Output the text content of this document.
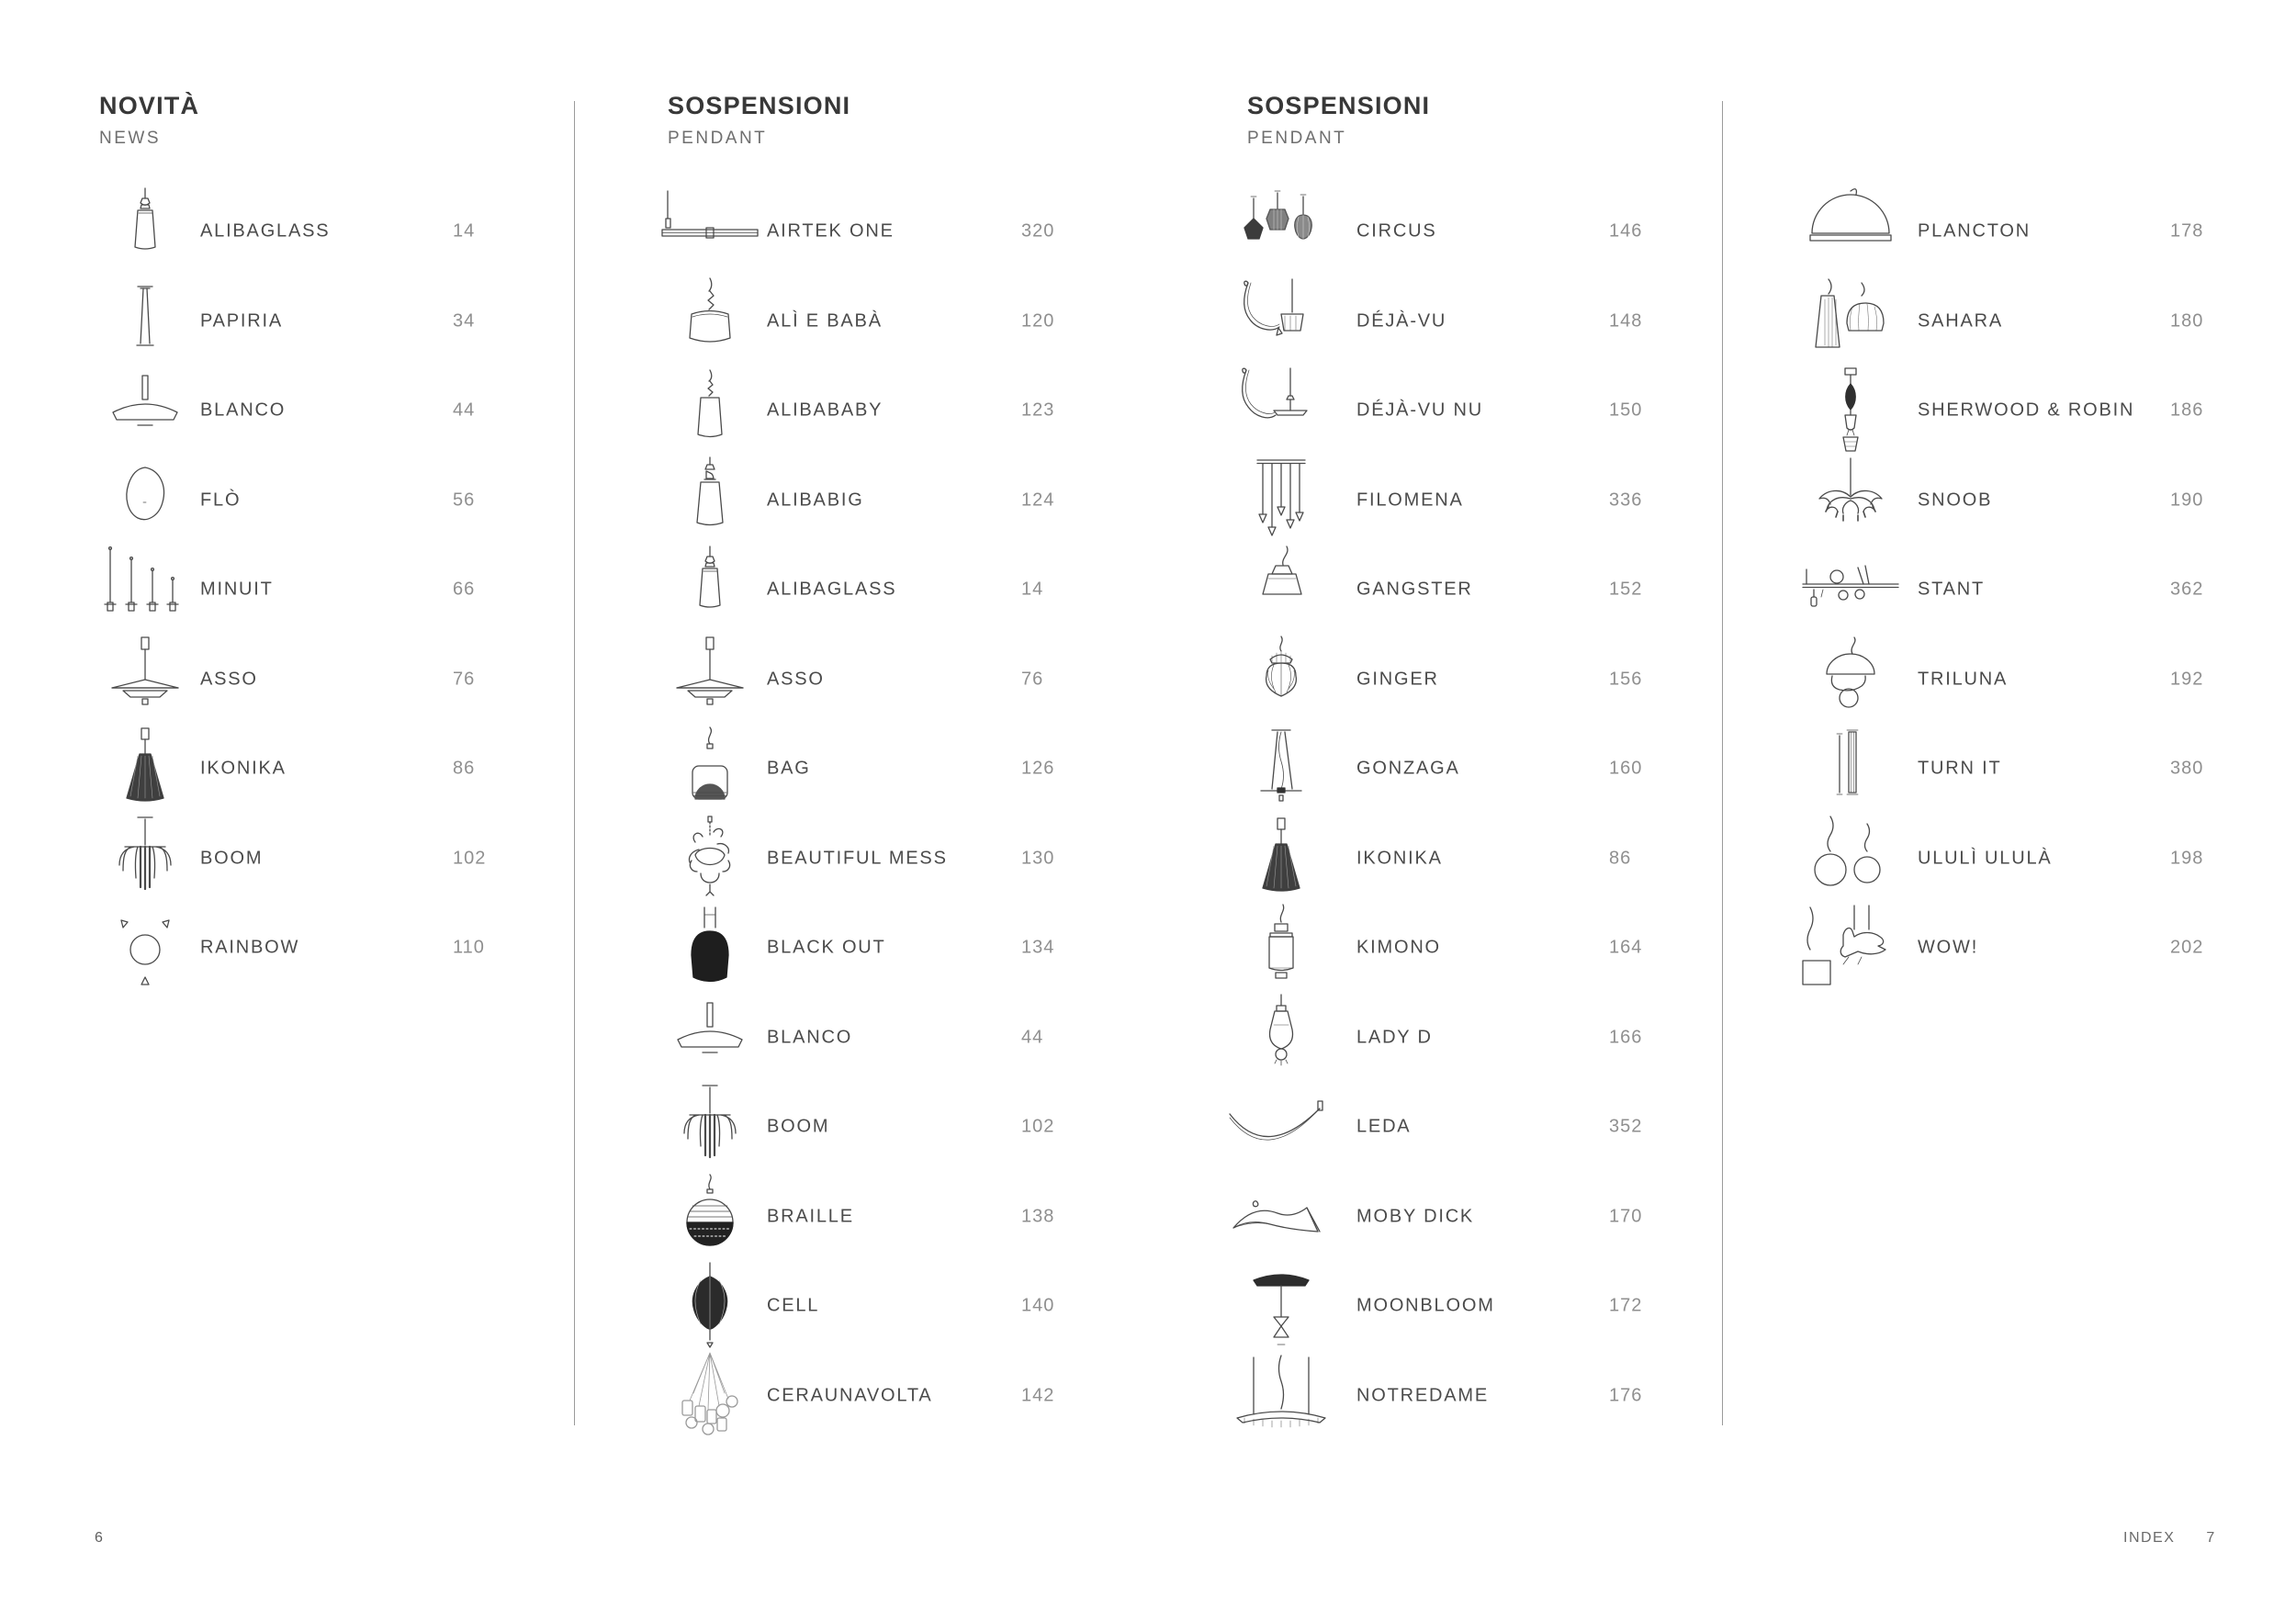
NOVITÀ
NEWS
ALIBAGLASS	14
PAPIRIA	34
BLANCO	44
FLÒ	56
MINUIT	66
ASSO	76
IKONIKA	86
BOOM	102
RAINBOW	110
SOSPENSIONI
PENDANT
AIRTEK ONE	320
ALÌ E BABÀ	120
ALIBABABY	123
ALIBABIG	124
ALIBAGLASS	14
ASSO	76
BAG	126
BEAUTIFUL MESS	130
BLACK OUT	134
BLANCO	44
BOOM	102
BRAILLE	138
CELL	140
CERAUNAVOLTA	142
SOSPENSIONI
PENDANT
CIRCUS	146
DÉJÀ-VU	148
DÉJÀ-VU NU	150
FILOMENA	336
GANGSTER	152
GINGER	156
GONZAGA	160
IKONIKA	86
KIMONO	164
LADY D	166
LEDA	352
MOBY DICK	170
MOONBLOOM	172
NOTREDAME	176
PLANCTON	178
SAHARA	180
SHERWOOD & ROBIN 186
SNOOB	190
STANT	362
TRILUNA	192
TURN IT	380
ULULÌ ULULÀ	198
WOW!	202
6	INDEX 7
